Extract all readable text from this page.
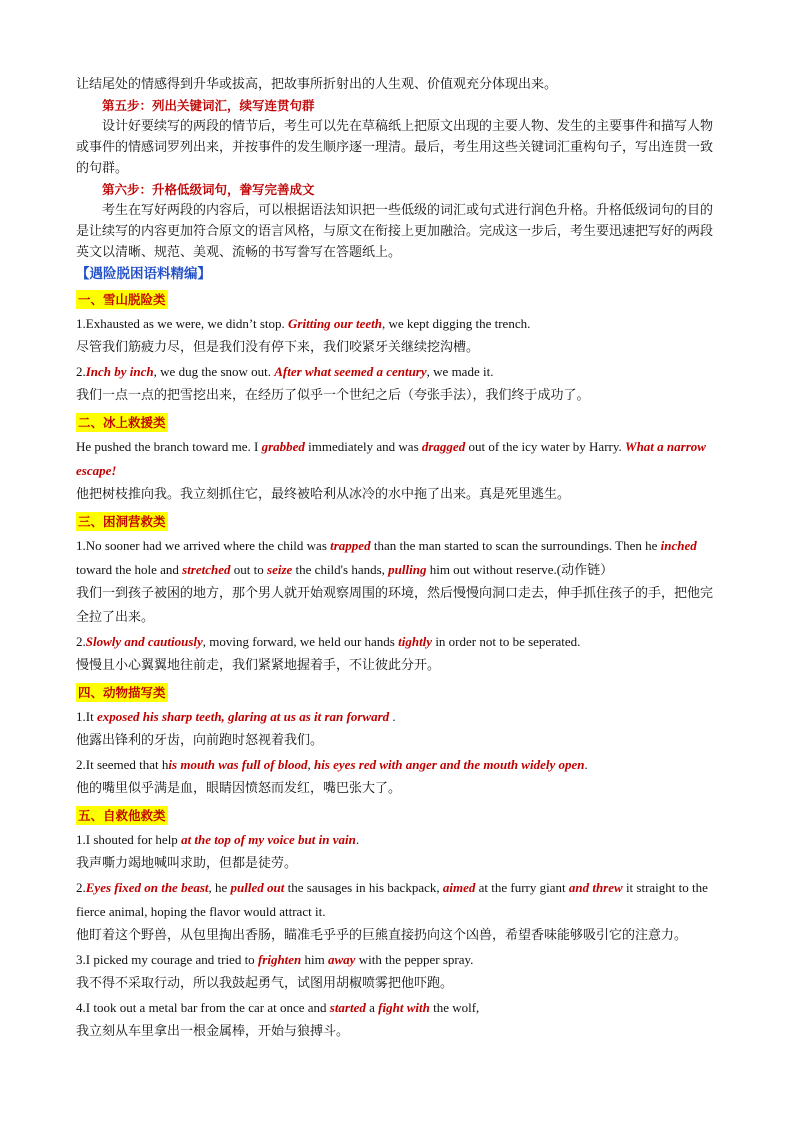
让结尾处的情感得到升华或拔高，把故事所折射出的人生观、价值观充分体现出来。

第五步：列出关键词汇，续写连贯句群

设计好要续写的两段的情节后，考生可以先在草稿纸上把原文出现的主要人物、发生的主要事件和描写人物或事件的情感词罗列出来，并按事件的发生顺序逐一理清。最后，考生用这些关键词汇重构句子，写出连贯一致的句群。

第六步：升格低级词句，誊写完善成文

考生在写好两段的内容后，可以根据语法知识把一些低级的词汇或句式进行润色升格。升格低级词句的目的是让续写的内容更加符合原文的语言风格，与原文在衔接上更加融洽。完成这一步后，考生要迅速把写好的两段英文以清晰、规范、美观、流畅的书写誊写在答题纸上。

【遇险脱困语料精编】

一、雪山脱险类

1.Exhausted as we were, we didn’t stop. Gritting our teeth, we kept digging the trench.

尽管我们筋疲力尽，但是我们没有停下来，我们咬紧牙关继续挖沟槽。

2.Inch by inch, we dug the snow out. After what seemed a century, we made it.

我们一点一点的把雪挖出来，在经历了似乎一个世纪之后（夸张手法），我们终于成功了。

二、冰上救援类

He pushed the branch toward me. I grabbed immediately and was dragged out of the icy water by Harry. What a narrow escape!

他把树枝推向我。我立刻抓住它，最终被哈利从冰冷的水中拖了出来。真是死里逃生。

三、困洞营救类

1.No sooner had we arrived where the child was trapped than the man started to scan the surroundings. Then he inched toward the hole and stretched out to seize the child's hands, pulling him out without reserve.(动作链）

我们一到孩子被困的地方，那个男人就开始观察周围的环境，然后慢慢向洞口走去，伸手抓住孩子的手，把他完全拉了出来。

2.Slowly and cautiously, moving forward, we held our hands tightly in order not to be seperated.

慢慢且小心翼翼地往前走，我们紧紧地握着手，不让彼此分开。

四、动物描写类

1.It exposed his sharp teeth, glaring at us as it ran forward .

他露出锋利的牙齿，向前跑时怒视着我们。

2.It seemed that his mouth was full of blood, his eyes red with anger and the mouth widely open.

他的嘴里似乎满是血，眼睛因愤怒而发红，嘴巴张大了。

五、自救他救类

1.I shouted for help at the top of my voice but in vain.

我声嘶力竭地喊叫求助，但都是徒劳。

2.Eyes fixed on the beast, he pulled out the sausages in his backpack, aimed at the furry giant and threw it straight to the fierce animal, hoping the flavor would attract it.

他盯着这个野兽，从包里掏出香肠，瞄准毛乎乎的巨熊直接扔向这个凶兽，希望香味能够吸引它的注意力。

3.I picked my courage and tried to frighten him away with the pepper spray.

我不得不采取行动，所以我鼓起勇气，试图用胡椒喷雾把他吓跑。

4.I took out a metal bar from the car at once and started a fight with the wolf,

我立刻从车里拿出一根金属棒，开始与狼搏斗。
